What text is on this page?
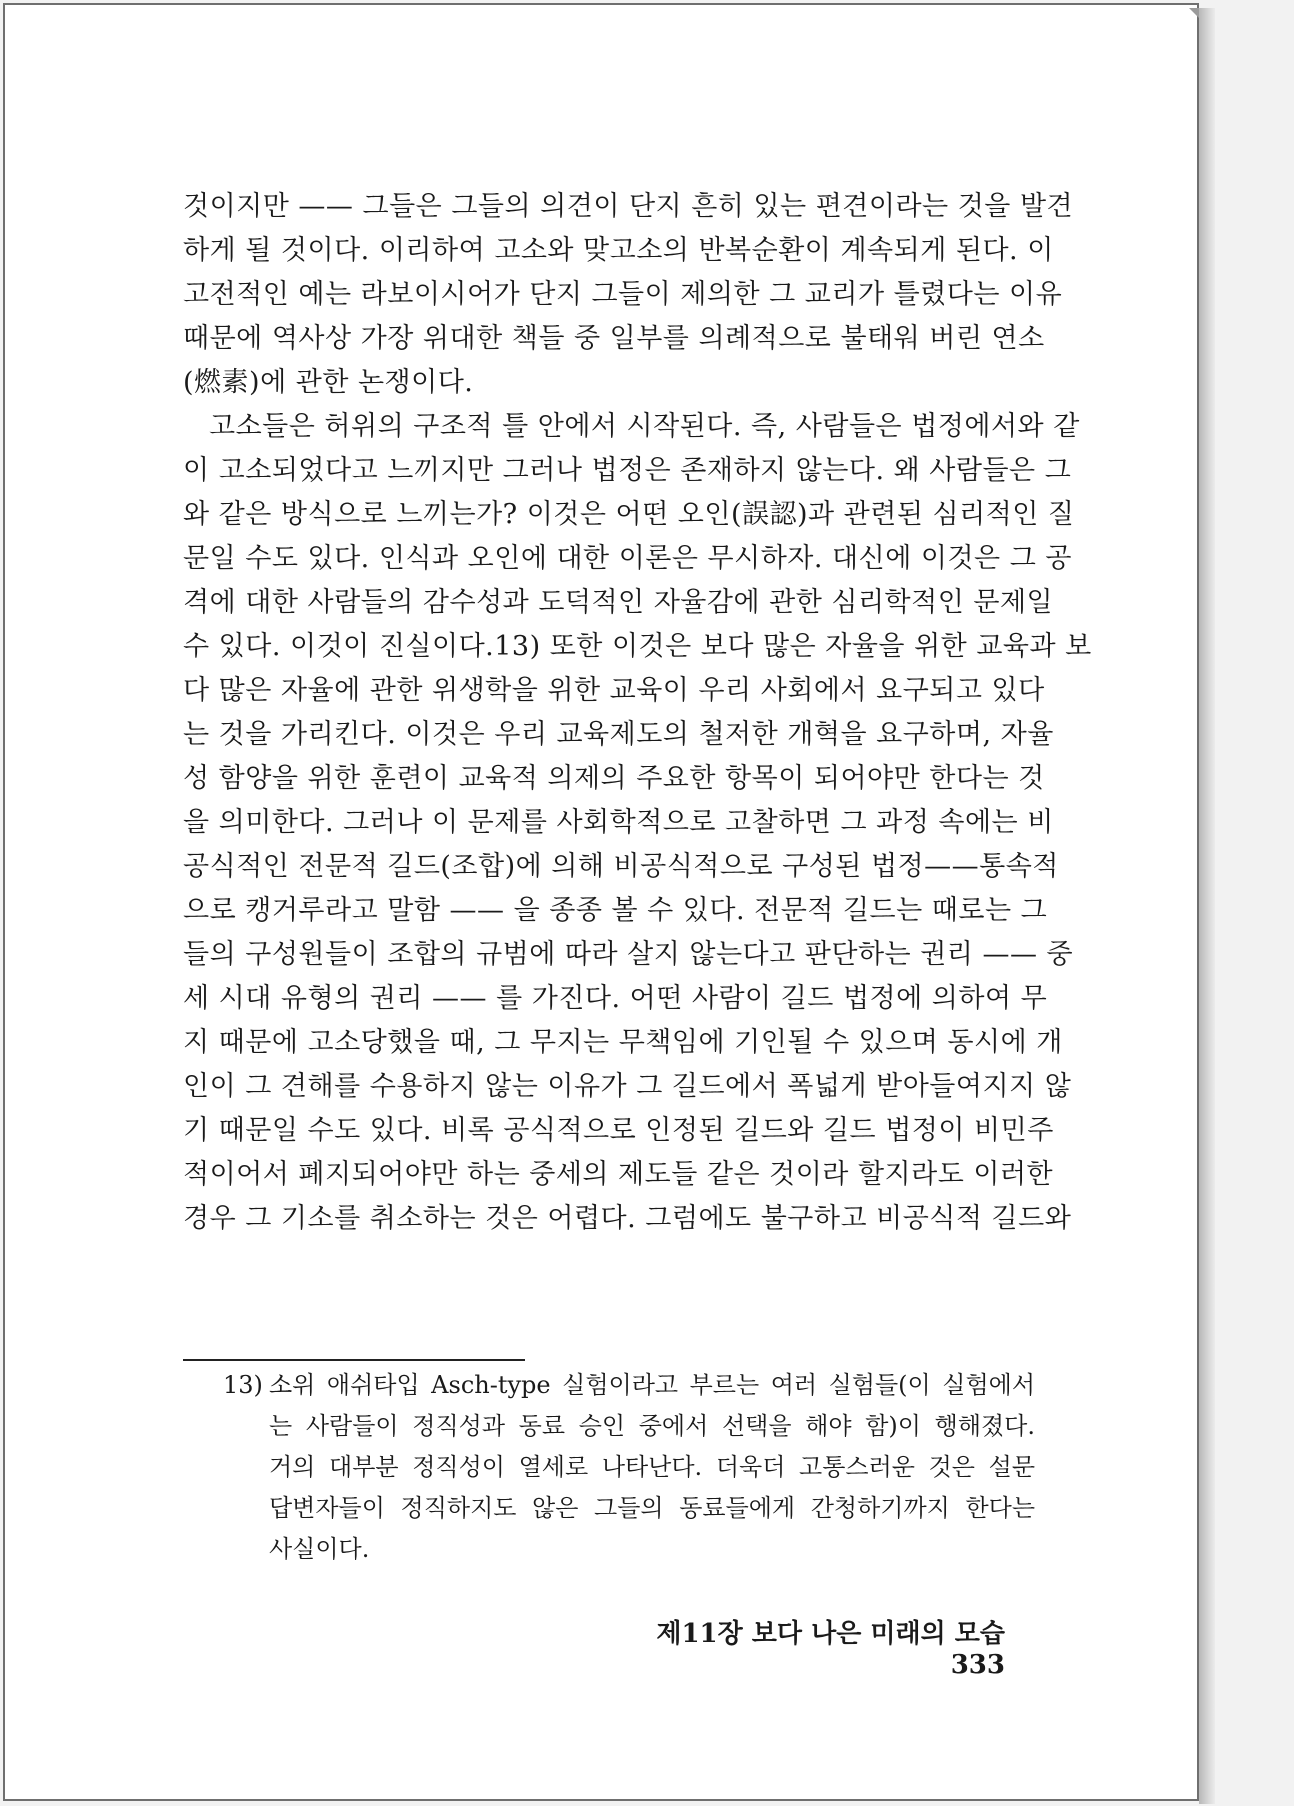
것이지만 —— 그들은 그들의 의견이 단지 흔히 있는 편견이라는 것을 발견
하게 될 것이다. 이리하여 고소와 맞고소의 반복순환이 계속되게 된다. 이
고전적인 예는 라보이시어가 단지 그들이 제의한 그 교리가 틀렸다는 이유
때문에 역사상 가장 위대한 책들 중 일부를 의례적으로 불태워 버린 연소
(燃素)에 관한 논쟁이다.
고소들은 허위의 구조적 틀 안에서 시작된다. 즉, 사람들은 법정에서와 같
이 고소되었다고 느끼지만 그러나 법정은 존재하지 않는다. 왜 사람들은 그
와 같은 방식으로 느끼는가? 이것은 어떤 오인(誤認)과 관련된 심리적인 질
문일 수도 있다. 인식과 오인에 대한 이론은 무시하자. 대신에 이것은 그 공
격에 대한 사람들의 감수성과 도덕적인 자율감에 관한 심리학적인 문제일
수 있다. 이것이 진실이다.13) 또한 이것은 보다 많은 자율을 위한 교육과 보
다 많은 자율에 관한 위생학을 위한 교육이 우리 사회에서 요구되고 있다
는 것을 가리킨다. 이것은 우리 교육제도의 철저한 개혁을 요구하며, 자율
성 함양을 위한 훈련이 교육적 의제의 주요한 항목이 되어야만 한다는 것
을 의미한다. 그러나 이 문제를 사회학적으로 고찰하면 그 과정 속에는 비
공식적인 전문적 길드(조합)에 의해 비공식적으로 구성된 법정——통속적
으로 캥거루라고 말함 —— 을 종종 볼 수 있다. 전문적 길드는 때로는 그
들의 구성원들이 조합의 규범에 따라 살지 않는다고 판단하는 권리 —— 중
세 시대 유형의 권리 —— 를 가진다. 어떤 사람이 길드 법정에 의하여 무
지 때문에 고소당했을 때, 그 무지는 무책임에 기인될 수 있으며 동시에 개
인이 그 견해를 수용하지 않는 이유가 그 길드에서 폭넓게 받아들여지지 않
기 때문일 수도 있다. 비록 공식적으로 인정된 길드와 길드 법정이 비민주
적이어서 폐지되어야만 하는 중세의 제도들 같은 것이라 할지라도 이러한
경우 그 기소를 취소하는 것은 어렵다. 그럼에도 불구하고 비공식적 길드와
13) 소위 애쉬타입 Asch-type 실험이라고 부르는 여러 실험들(이 실험에서
는 사람들이 정직성과 동료 승인 중에서 선택을 해야 함)이 행해졌다.
거의 대부분 정직성이 열세로 나타난다. 더욱더 고통스러운 것은 설문
답변자들이 정직하지도 않은 그들의 동료들에게 간청하기까지 한다는
사실이다.
제11장 보다 나은 미래의 모습333
